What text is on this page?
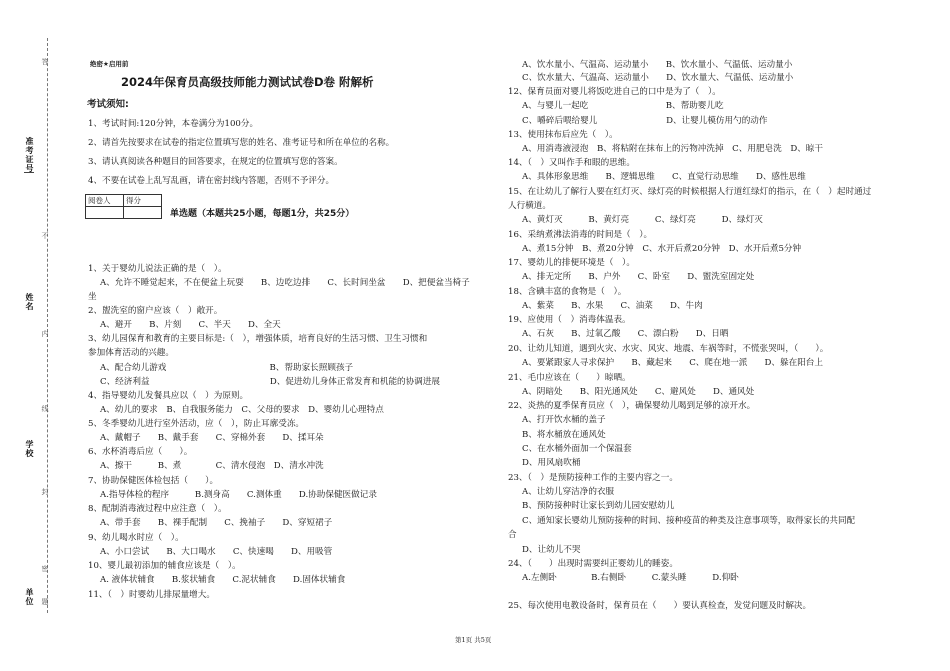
答
不
内
线
封
密
题
准考证号
姓名
学校
单位
绝密★启用前
2024年保育员高级技师能力测试试卷D卷 附解析
考试须知:
1、考试时间:120分钟，本卷满分为100分。
2、请首先按要求在试卷的指定位置填写您的姓名、准考证号和所在单位的名称。
3、请认真阅读各种题目的回答要求，在规定的位置填写您的答案。
4、不要在试卷上乱写乱画，请在密封线内答题，否则不予评分。
阅卷人	得分

单选题（本题共25小题，每题1分，共25分）
1、关于婴幼儿说法正确的是（　）。
A、允许不睡觉起来，不在便盆上玩耍　　B、边吃边排　　C、长时间坐盆　　D、把便盆当椅子
坐
2、盥洗室的窗户应该（　）敞开。
A、避开　　B、片刻　　C、半天　　D、全天
3、幼儿园保育和教育的主要目标是:（　），增强体质，培育良好的生活习惯、卫生习惯和
参加体育活动的兴趣。
A、配合幼儿游戏　　　　　　　　　　　　B、帮助家长照顾孩子
C、经济利益　　　　　　　　　　　　　　D、促进幼儿身体正常发育和机能的协调进展
4、指导婴幼儿发餐具应以（　）为原则。
A、幼儿的要求　B、自我服务能力　C、父母的要求　D、婴幼儿心理特点
5、冬季婴幼儿进行室外活动，应（　），防止耳廓受冻。
A、戴帽子　　B、戴手套　　C、穿棉外套　　D、揉耳朵
6、水杯消毒后应（　　）。
A、擦干　　　B、煮　　　　C、清水侵泡　D、清水冲洗
7、协助保健医体检包括（　　）。
A.指导体检的程序　　　B.测身高　　C.测体重　　D.协助保健医做记录
8、配制消毒液过程中应注意（　）。
A、带手套　　B、裸手配制　　C、挽袖子　　D、穿短裙子
9、幼儿喝水时应（　）。
A、小口尝试　　B、大口喝水　　C、快速喝　　D、用吸管
10、婴儿最初添加的辅食应该是（　）。
A. 液体状辅食　　B.浆状辅食　　C.泥状辅食　　D.固体状辅食
11、（　）时婴幼儿排尿量增大。
A、饮水量小、气温高、运动量小　　B、饮水量小、气温低、运动量小
C、饮水量大、气温高、运动量小　　D、饮水量大、气温低、运动量小
12、保育员面对婴儿将饭吃进自己的口中是为了（　）。
A、与婴儿一起吃　　　　　　　　　B、帮助婴儿吃
C、嚼碎后喂给婴儿　　　　　　　　D、让婴儿模仿用勺的动作
13、使用抹布后应先（　）。
A、用消毒液浸泡　B、将粘附在抹布上的污物冲洗掉　C、用肥皂洗　D、晾干
14、（　）又叫作手和眼的思维。
A、具体形象思维　　B、逻辑思维　　C、直觉行动思维　　D、感性思维
15、在让幼儿了解行人要在红灯灭、绿灯亮的时候根据人行道红绿灯的指示，在（　）起时通过
人行横道。
A、黄灯灭　　　B、黄灯亮　　　C、绿灯亮　　　D、绿灯灭
16、采纳煮沸法消毒的时间是（　）。
A、煮15分钟　B、煮20分钟　C、水开后煮20分钟　D、水开后煮5分钟
17、婴幼儿的排便环境是（　）。
A、排无定所　　B、户外　　C、卧室　　D、盥洗室固定处
18、含碘丰富的食物是（　）。
A、紫菜　　B、水果　　C、油菜　　D、牛肉
19、应使用（　）消毒体温表。
A、石灰　　B、过氧乙酸　　C、漂白粉　　D、日晒
20、让幼儿知道，遇到火灾、水灾、风灾、地震、车祸等时，不慌张哭叫，（　　）。
A、要紧跟家人寻求保护　　B、藏起来　　C、爬在地一派　　D、躲在阳台上
21、毛巾应该在（　　）晾晒。
A、阴暗处　　B、阳光通风处　　C、避风处　　D、通风处
22、炎热的夏季保育员应（　），确保婴幼儿喝到足够的凉开水。
A、打开饮水桶的盖子
B、将水桶放在通风处
C、在水桶外面加一个保温套
D、用风扇吹桶
23、（　）是预防接种工作的主要内容之一。
A、让幼儿穿洁净的衣服
B、预防接种时让家长到幼儿园安慰幼儿
C、通知家长婴幼儿预防接种的时间、接种疫苗的种类及注意事项等，取得家长的共同配
合
D、让幼儿不哭
24、（　　）出现时需要纠正婴幼儿的睡姿。
A.左侧卧　　　　B.右侧卧　　　C.蒙头睡　　　D.仰卧
25、每次使用电教设备时，保育员在（　　）要认真检查，发觉问题及时解决。
第1页 共5页
